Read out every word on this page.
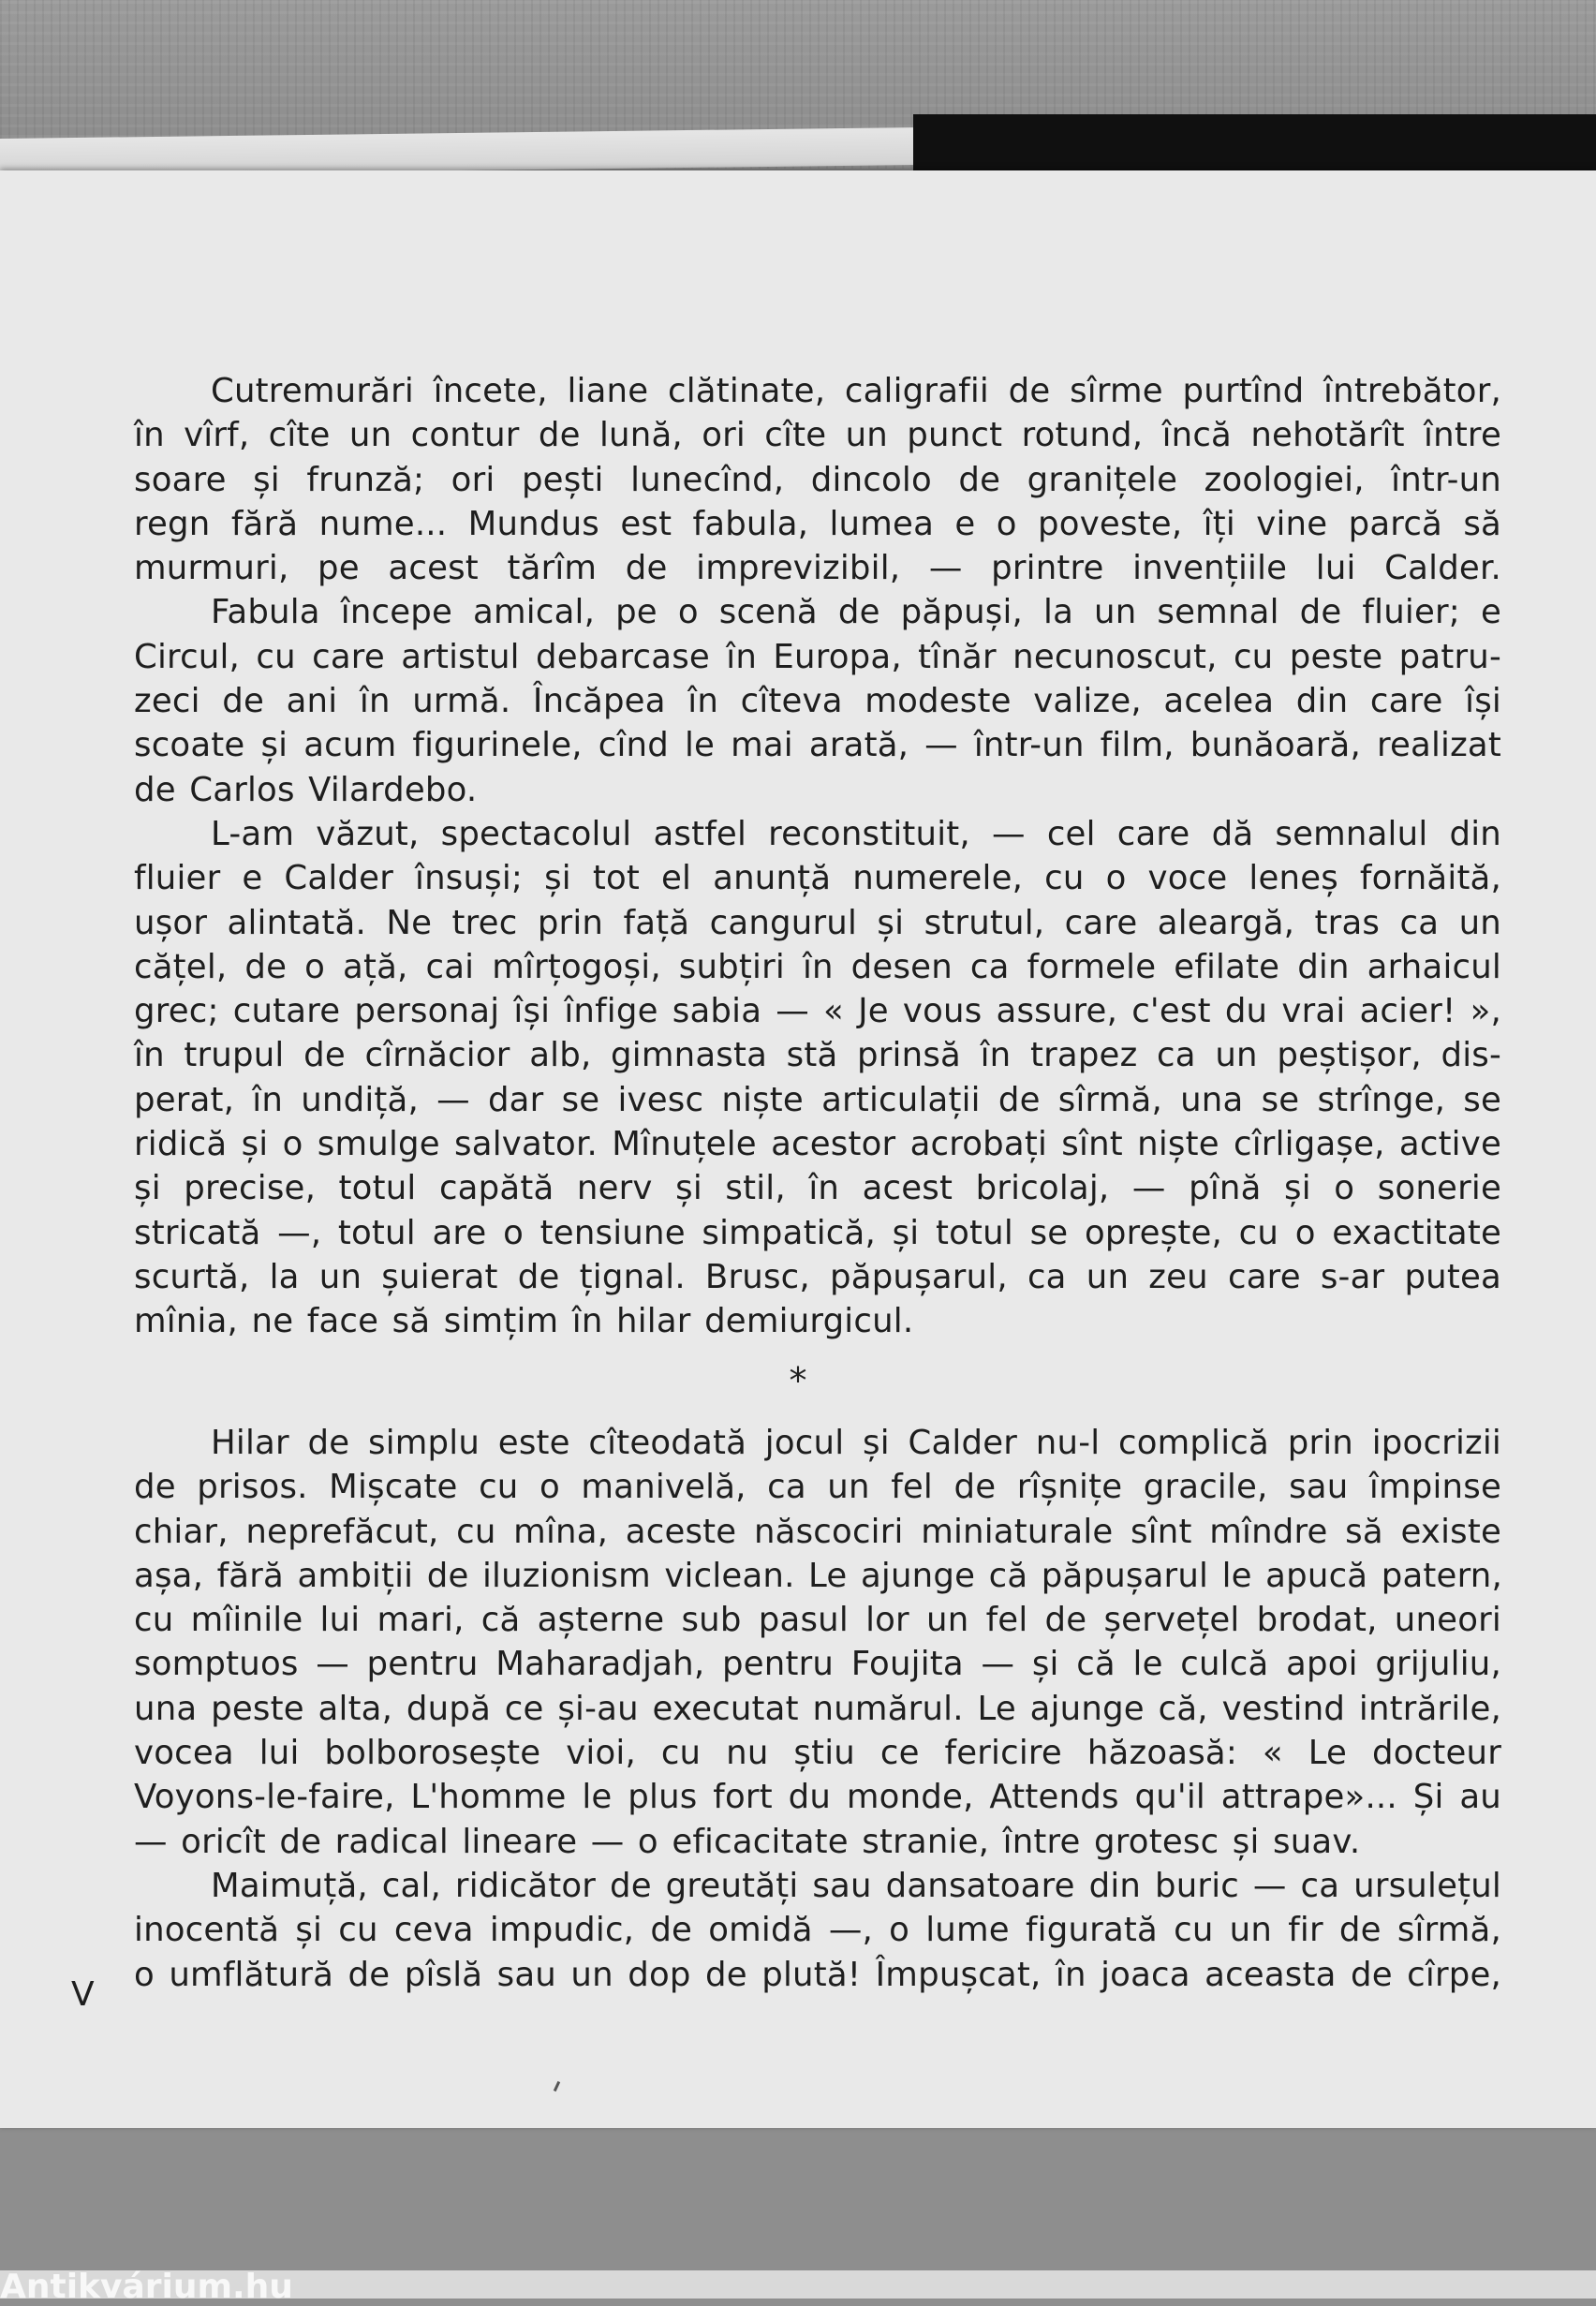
Cutremurări încete, liane clătinate, caligrafii de sîrme purtînd întrebător,
în vîrf, cîte un contur de lună, ori cîte un punct rotund, încă nehotărît între
soare și frunză; ori pești lunecînd, dincolo de granițele zoologiei, într-un
regn fără nume... Mundus est fabula, lumea e o poveste, îți vine parcă să
murmuri, pe acest tărîm de imprevizibil, — printre invențiile lui Calder.
Fabula începe amical, pe o scenă de păpuși, la un semnal de fluier; e
Circul, cu care artistul debarcase în Europa, tînăr necunoscut, cu peste patru-
zeci de ani în urmă. Încăpea în cîteva modeste valize, acelea din care își
scoate și acum figurinele, cînd le mai arată, — într-un film, bunăoară, realizat
de Carlos Vilardebo.
L-am văzut, spectacolul astfel reconstituit, — cel care dă semnalul din
fluier e Calder însuși; și tot el anunță numerele, cu o voce leneș fornăită,
ușor alintată. Ne trec prin față cangurul și strutul, care aleargă, tras ca un
cățel, de o ață, cai mîrțogoși, subțiri în desen ca formele efilate din arhaicul
grec; cutare personaj își înfige sabia — « Je vous assure, c'est du vrai acier! »,
în trupul de cîrnăcior alb, gimnasta stă prinsă în trapez ca un peștișor, dis-
perat, în undiță, — dar se ivesc niște articulații de sîrmă, una se strînge, se
ridică și o smulge salvator. Mînuțele acestor acrobați sînt niște cîrligașe, active
și precise, totul capătă nerv și stil, în acest bricolaj, — pînă și o sonerie
stricată —, totul are o tensiune simpatică, și totul se oprește, cu o exactitate
scurtă, la un șuierat de țignal. Brusc, păpușarul, ca un zeu care s-ar putea
mînia, ne face să simțim în hilar demiurgicul.
*
Hilar de simplu este cîteodată jocul și Calder nu-l complică prin ipocrizii
de prisos. Mișcate cu o manivelă, ca un fel de rîșnițe gracile, sau împinse
chiar, neprefăcut, cu mîna, aceste născociri miniaturale sînt mîndre să existe
așa, fără ambiții de iluzionism viclean. Le ajunge că păpușarul le apucă patern,
cu mîinile lui mari, că așterne sub pasul lor un fel de șervețel brodat, uneori
somptuos — pentru Maharadjah, pentru Foujita — și că le culcă apoi grijuliu,
una peste alta, după ce și-au executat numărul. Le ajunge că, vestind intrările,
vocea lui bolborosește vioi, cu nu știu ce fericire hăzoasă: « Le docteur
Voyons-le-faire, L'homme le plus fort du monde, Attends qu'il attrape»... Și au
— oricît de radical lineare — o eficacitate stranie, între grotesc și suav.
Maimuță, cal, ridicător de greutăți sau dansatoare din buric — ca ursulețul
inocentă și cu ceva impudic, de omidă —, o lume figurată cu un fir de sîrmă,
o umflătură de pîslă sau un dop de plută! Împușcat, în joaca aceasta de cîrpe,
V
Antikvárium.hu
